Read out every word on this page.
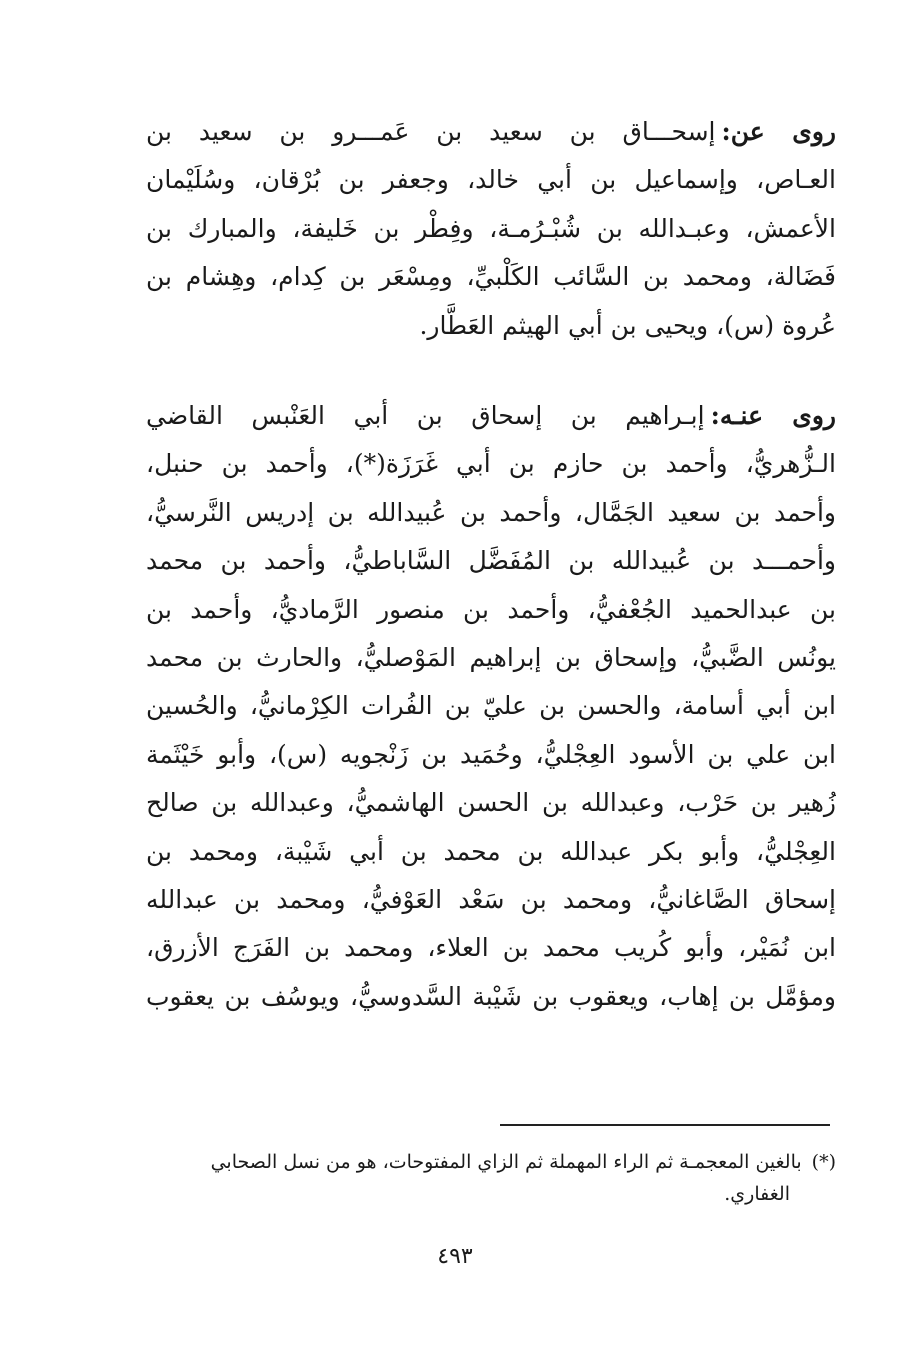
روى عن:إسحـــاق بن سعيد بن عَمـــرو بن سعيد بن
العـاص، وإسماعيل بن أبي خالد، وجعفر بن بُرْقان، وسُلَيْمان
الأعمش، وعبـدالله بن شُبْـرُمـة، وفِطْر بن خَليفة، والمبارك بن
فَضَالة، ومحمد بن السَّائب الكَلْبيِّ، ومِسْعَر بن كِدام، وهِشام بن
عُروة (س)، ويحيى بن أبي الهيثم العَطَّار.
روى عنـه:إبـراهيم بن إسحاق بن أبي العَنْبس القاضي
الـزُّهريُّ، وأحمد بن حازم بن أبي غَرَزَة(*)، وأحمد بن حنبل،
وأحمد بن سعيد الجَمَّال، وأحمد بن عُبيدالله بن إدريس النَّرسيُّ،
وأحمـــد بن عُبيدالله بن المُفَضَّل السَّاباطيُّ، وأحمد بن محمد
بن عبدالحميد الجُعْفيُّ، وأحمد بن منصور الرَّماديُّ، وأحمد بن
يونُس الضَّبيُّ، وإسحاق بن إبراهيم المَوْصليُّ، والحارث بن محمد
ابن أبي أسامة، والحسن بن عليّ بن الفُرات الكِرْمانيُّ، والحُسين
ابن علي بن الأسود العِجْليُّ، وحُمَيد بن زَنْجويه (س)، وأبو خَيْثَمة
زُهير بن حَرْب، وعبدالله بن الحسن الهاشميُّ، وعبدالله بن صالح
العِجْليُّ، وأبو بكر عبدالله بن محمد بن أبي شَيْبة، ومحمد بن
إسحاق الصَّاغانيُّ، ومحمد بن سَعْد العَوْفيُّ، ومحمد بن عبدالله
ابن نُمَيْر، وأبو كُريب محمد بن العلاء، ومحمد بن الفَرَج الأزرق،
ومؤمَّل بن إهاب، ويعقوب بن شَيْبة السَّدوسيُّ، ويوسُف بن يعقوب
(*)بالغين المعجمـة ثم الراء المهملة ثم الزاي المفتوحات، هو من نسل الصحابي
الغفاري.
٤٩٣
